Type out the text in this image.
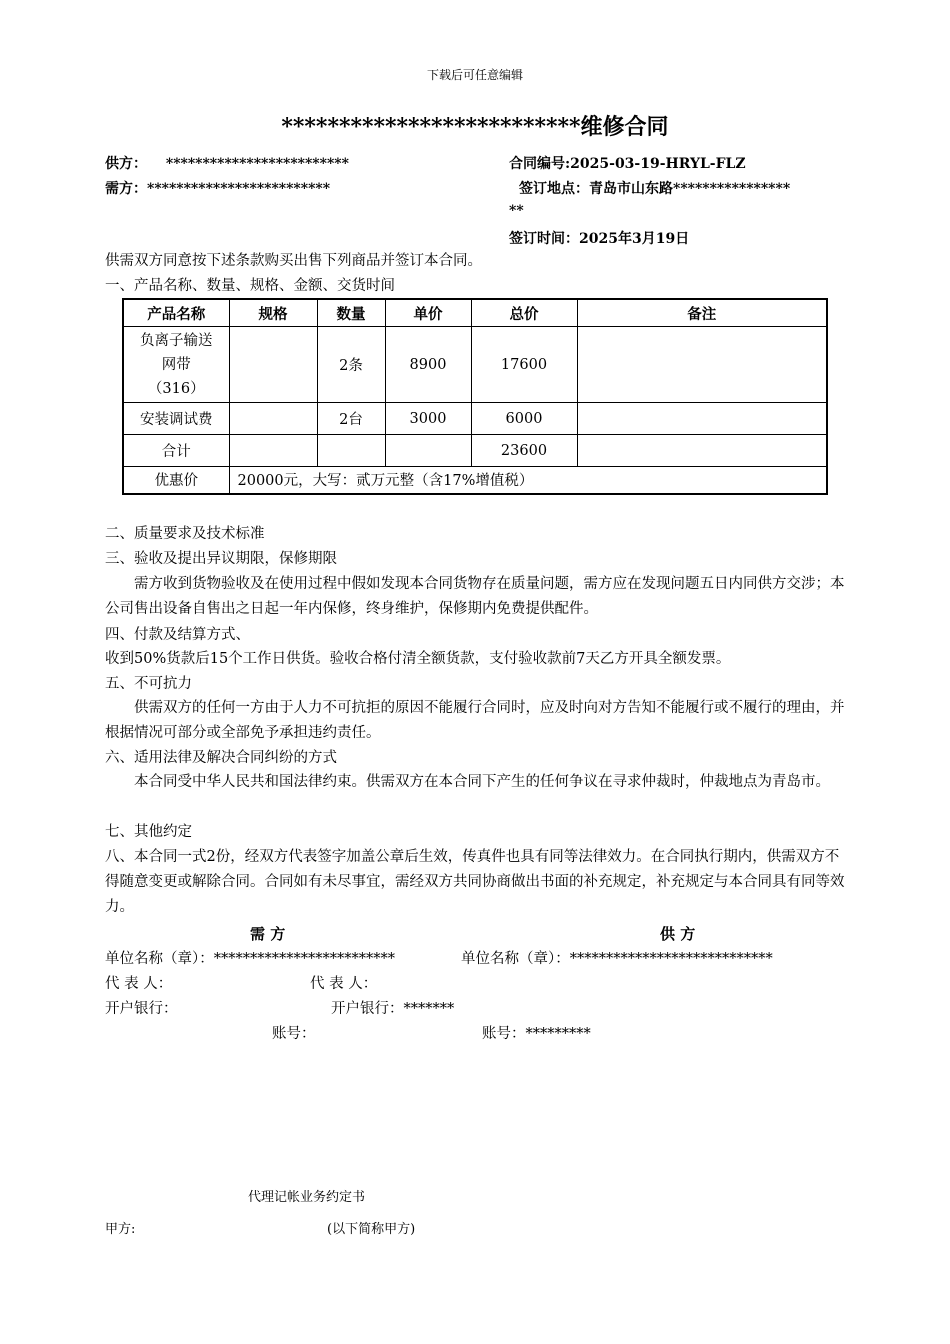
下载后可任意编辑
**************************维修合同
供方： *************************
需方：*************************
合同编号:2025-03-19-HRYL-FLZ
签订地点：青岛市山东路****************
**
签订时间：2025年3月19日
供需双方同意按下述条款购买出售下列商品并签订本合同。
一、产品名称、数量、规格、金额、交货时间
产品名称	规格	数量	单价	总价	备注

负离子输送
网带
（316）		2条	8900	17600	
安装调试费		2台	3000	6000	
合计				23600	
优惠价	20000元，大写：贰万元整（含17%增值税）				
二、质量要求及技术标准
三、验收及提出异议期限，保修期限
需方收到货物验收及在使用过程中假如发现本合同货物存在质量问题，需方应在发现问题五日内同供方交涉；本公司售出设备自售出之日起一年内保修，终身维护，保修期内免费提供配件。
四、付款及结算方式、
收到50%货款后15个工作日供货。验收合格付清全额货款，支付验收款前7天乙方开具全额发票。
五、不可抗力
供需双方的任何一方由于人力不可抗拒的原因不能履行合同时，应及时向对方告知不能履行或不履行的理由，并根据情况可部分或全部免予承担违约责任。
六、适用法律及解决合同纠纷的方式
本合同受中华人民共和国法律约束。供需双方在本合同下产生的任何争议在寻求仲裁时，仲裁地点为青岛市。
七、其他约定
八、本合同一式2份，经双方代表签字加盖公章后生效，传真件也具有同等法律效力。在合同执行期内，供需双方不得随意变更或解除合同。合同如有未尽事宜，需经双方共同协商做出书面的补充规定，补充规定与本合同具有同等效力。
需 方	供 方
单位名称（章）：*************************	单位名称（章）：****************************
代 表 人：	代 表 人：
开户银行：	开户银行：*******
账号：	账号：*********
代理记帐业务约定书
甲方:	(以下简称甲方)
